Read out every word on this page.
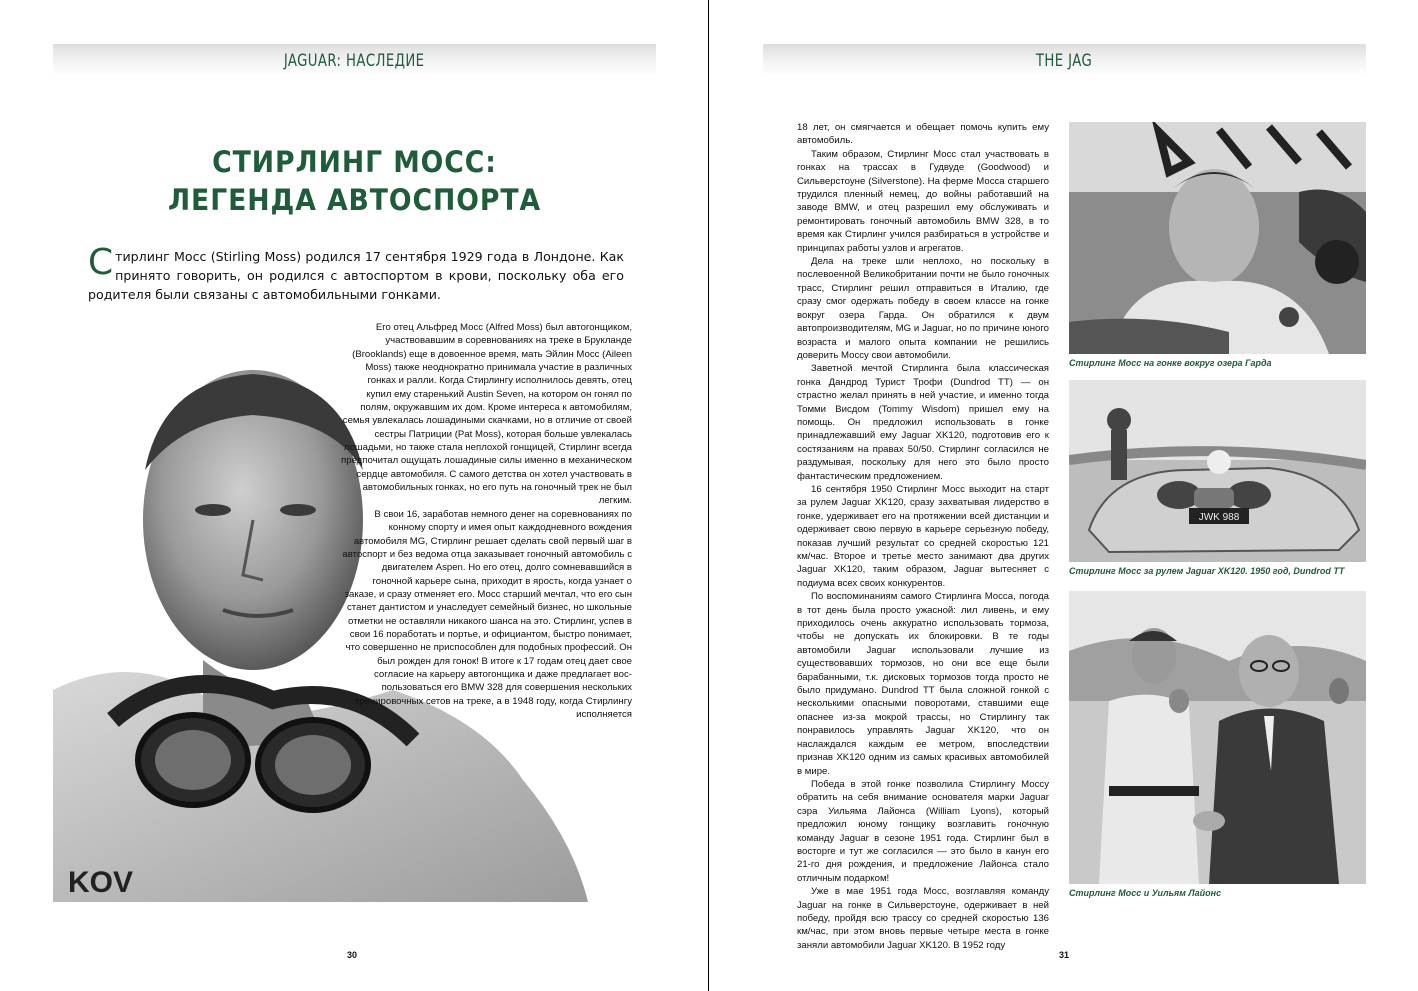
JAGUAR: НАСЛЕДИЕ
СТИРЛИНГ МОСС:
ЛЕГЕНДА АВТОСПОРТА
Стирлинг Мосс (Stirling Moss) родился 17 сентября 1929 года в Лондоне. Как принято говорить, он родился с автоспортом в крови, поскольку оба его родителя были связаны с автомобильными гонками.
KOV

Его отец Альфред Мосс (Alfred Moss) был автогонщиком, участвовавшим в соревнованиях на треке в Брукланде (Brooklands) еще в довоенное время, мать Эйлин Мосс (Aileen Moss) также неоднократно принимала участие в различных гонках и ралли. Когда Стирлингу исполнилось девять, отец купил ему старенький Austin Seven, на котором он гонял по полям, окружавшим их дом. Кроме интереса к автомобилям, семья увлекалась лошадиными скачками, но в отличие от своей сестры Патриции (Pat Moss), которая больше увлекалась лошадьми, но также стала неплохой гонщицей, Стирлинг всегда предпочитал ощущать лошадиные силы именно в механическом сердце автомобиля. С самого детства он хотел участвовать в автомобильных гонках, но его путь на гоночный трек не был легким.

В свои 16, заработав немного денег на соревнованиях по конному спорту и имея опыт каждодневного вождения автомобиля MG, Стирлинг решает сделать свой первый шаг в автоспорт и без ведома отца заказывает гоночный автомобиль с двигателем Aspen. Но его отец, долго сомневавшийся в гоночной карьере сына, приходит в ярость, когда узнает о заказе, и сразу отменяет его. Мосс старший мечтал, что его сын станет дантистом и унаследует семейный бизнес, но школьные отметки не оставляли никакого шанса на это. Стирлинг, успев в свои 16 поработать и портье, и официантом, быстро понимает, что совершенно не приспособлен для подобных профессий. Он был рожден для гонок! В итоге к 17 годам отец дает свое согласие на карьеру автогонщика и даже предлагает вос-пользоваться его BMW 328 для совершения нескольких тренировочных сетов на треке, а в 1948 году, когда Стирлингу исполняется

30
THE JAG

18 лет, он смягчается и обещает помочь купить ему автомобиль.

Таким образом, Стирлинг Мосс стал участвовать в гонках на трассах в Гудвуде (Goodwood) и Сильверстоуне (Silverstone). На ферме Мосса старшего трудился пленный немец, до войны работавший на заводе BMW, и отец разрешил ему обслуживать и ремонтировать гоночный автомобиль BMW 328, в то время как Стирлинг учился разбираться в устройстве и принципах работы узлов и агрегатов.

Дела на треке шли неплохо, но поскольку в послевоенной Великобритании почти не было гоночных трасс, Стирлинг решил отправиться в Италию, где сразу смог одержать победу в своем классе на гонке вокруг озера Гарда. Он обратился к двум автопроизводителям, MG и Jaguar, но по причине юного возраста и малого опыта компании не решились доверить Моссу свои автомобили.

Заветной мечтой Стирлинга была классическая гонка Дандрод Турист Трофи (Dundrod TT) — он страстно желал принять в ней участие, и именно тогда Томми Висдом (Tommy Wisdom) пришел ему на помощь. Он предложил использовать в гонке принадлежавший ему Jaguar XK120, подготовив его к состязаниям на правах 50/50. Стирлинг согласился не раздумывая, поскольку для него это было просто фантастическим предложением.

16 сентября 1950 Стирлинг Мосс выходит на старт за рулем Jaguar XK120, сразу захватывая лидерство в гонке, удерживает его на протяжении всей дистанции и одерживает свою первую в карьере серьезную победу, показав лучший результат со средней скоростью 121 км/час. Второе и третье место занимают два других Jaguar XK120, таким образом, Jaguar вытесняет с подиума всех своих конкурентов.

По воспоминаниям самого Стирлинга Мосса, погода в тот день была просто ужасной: лил ливень, и ему приходилось очень аккуратно использовать тормоза, чтобы не допускать их блокировки. В те годы автомобили Jaguar использовали лучшие из существовавших тормозов, но они все еще были барабанными, т.к. дисковых тормозов тогда просто не было придумано. Dundrod TT была сложной гонкой с несколькими опасными поворотами, ставшими еще опаснее из-за мокрой трассы, но Стирлингу так понравилось управлять Jaguar XK120, что он наслаждался каждым ее метром, впоследствии признав XK120 одним из самых красивых автомобилей в мире.

Победа в этой гонке позволила Стирлингу Моссу обратить на себя внимание основателя марки Jaguar сэра Уильяма Лайонса (William Lyons), который предложил юному гонщику возглавить гоночную команду Jaguar в сезоне 1951 года. Стирлинг был в восторге и тут же согласился — это было в канун его 21-го дня рождения, и предложение Лайонса стало отличным подарком!

Уже в мае 1951 года Мосс, возглавляя команду Jaguar на гонке в Сильверстоуне, одерживает в ней победу, пройдя всю трассу со средней скоростью 136 км/час, при этом вновь первые четыре места в гонке заняли автомобили Jaguar XK120. В 1952 году

Стирлинг Мосс на гонке вокруг озера Гарда
JWK 988
Стирлинг Мосс за рулем Jaguar XK120. 1950 год, Dundrod TT
Стирлинг Мосс и Уильям Лайонс
31
